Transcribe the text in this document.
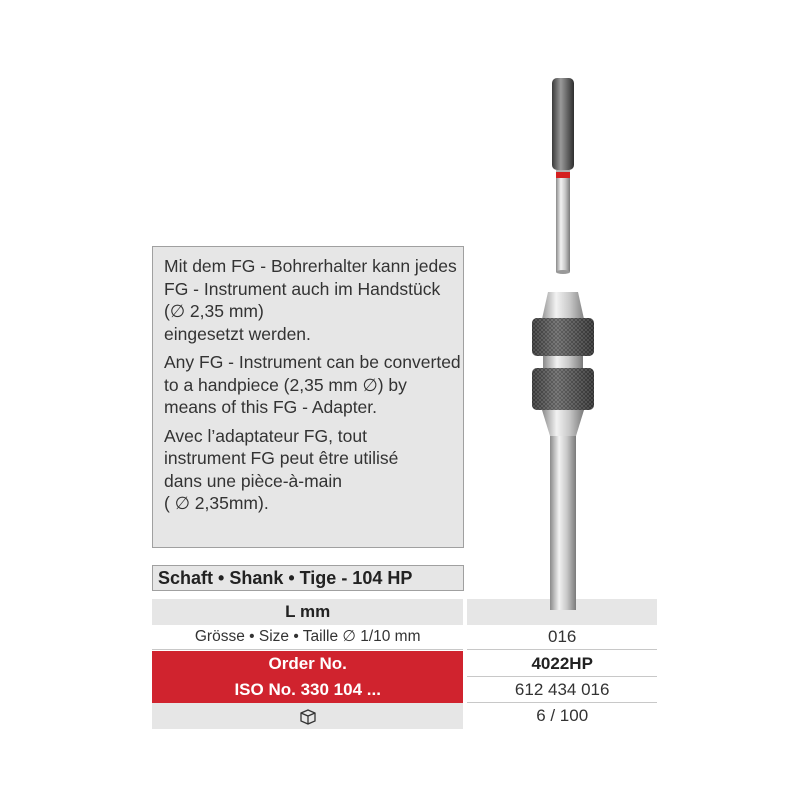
Mit dem FG - Bohrerhalter kann jedes
FG - Instrument auch im Handstück
(∅ 2,35 mm)
eingesetzt werden.

Any FG - Instrument can be converted
to a handpiece (2,35 mm ∅) by
means of this FG - Adapter.

Avec l’adaptateur FG, tout
instrument FG peut être utilisé
dans une pièce-à-main
( ∅ 2,35mm).

Schaft • Shank • Tige - 104 HP
L mm
Grösse • Size • Taille ∅ 1/10 mm	016
Order No.	4022HP
ISO No. 330 104 ...	612 434 016
6 / 100
